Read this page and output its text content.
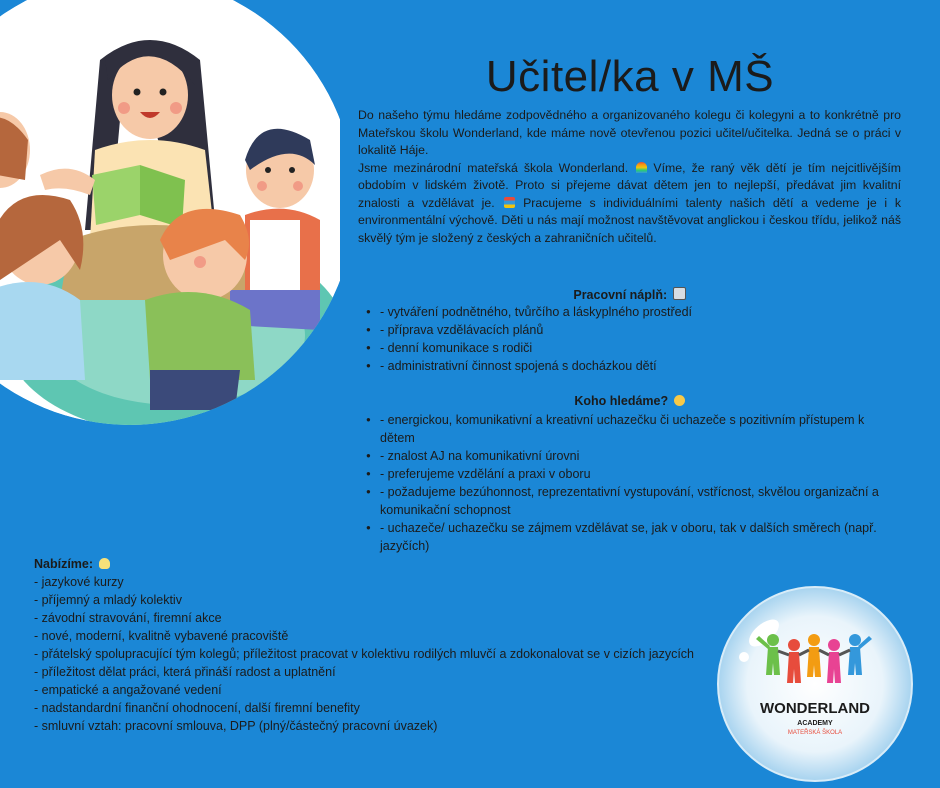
Učitel/ka v MŠ

Do našeho týmu hledáme zodpovědného a organizovaného kolegu či kolegyni a to konkrétně pro Mateřskou školu Wonderland, kde máme nově otevřenou pozici učitel/učitelka. Jedná se o práci v lokalitě Háje.

Jsme mezinárodní mateřská škola Wonderland. Víme, že raný věk dětí je tím nejcitlivějším obdobím v lidském životě. Proto si přejeme dávat dětem jen to nejlepší, předávat jim kvalitní znalosti a vzdělávat je. Pracujeme s individuálními talenty našich dětí a vedeme je i k environmentální výchově. Děti u nás mají možnost navštěvovat anglickou i českou třídu, jelikož náš skvělý tým je složený z českých a zahraničních učitelů.

Pracovní náplň:
● - vytváření podnětného, tvůrčího a láskyplného prostředí
● - příprava vzdělávacích plánů
● - denní komunikace s rodiči
● - administrativní činnost spojená s docházkou dětí
Koho hledáme?
● - energickou, komunikativní a kreativní uchazečku či uchazeče s pozitivním přístupem k dětem
● - znalost AJ na komunikativní úrovni
● - preferujeme vzdělání a praxi v oboru
● - požadujeme bezúhonnost, reprezentativní vystupování, vstřícnost, skvělou organizační a komunikační schopnost
● - uchazeče/ uchazečku se zájmem vzdělávat se, jak v oboru, tak v dalších směrech (např. jazyčích)
Nabízíme:
- jazykové kurzy
- příjemný a mladý kolektiv
- závodní stravování, firemní akce
- nové, moderní, kvalitně vybavené pracoviště
- přátelský spolupracující tým kolegů; příležitost pracovat v kolektivu rodilých mluvčí a zdokonalovat se v cizích jazycích
- příležitost dělat práci, která přináší radost a uplatnění
- empatické a angažované vedení
- nadstandardní finanční ohodnocení, další firemní benefity
- smluvní vztah: pracovní smlouva, DPP (plný/částečný pracovní úvazek)
WONDERLAND
ACADEMY
MATEŘSKÁ ŠKOLA
